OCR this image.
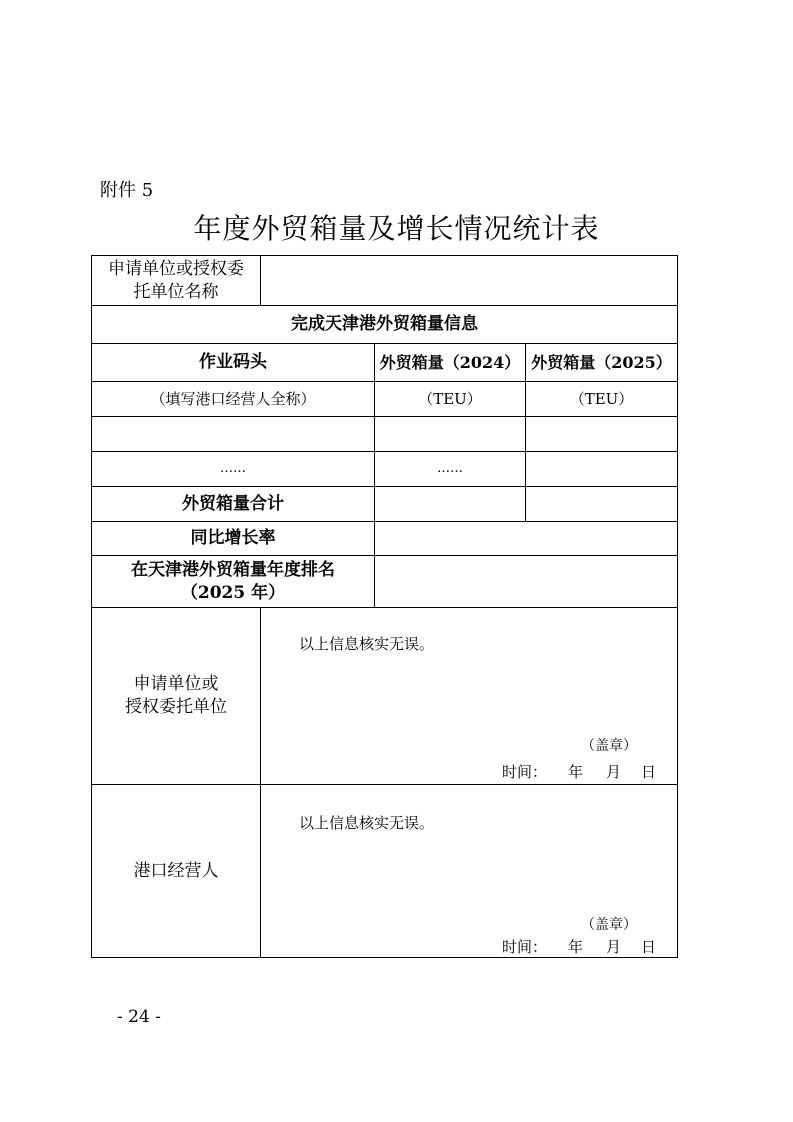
附件 5
年度外贸箱量及增长情况统计表
申请单位或授权委
托单位名称
完成天津港外贸箱量信息
作业码头	外贸箱量（2024） 外贸箱量（2025）
（填写港口经营人全称）	（TEU）	（TEU）
……	……
外贸箱量合计
同比增长率
在天津港外贸箱量年度排名
（2025 年）
申请单位或
授权委托单位
以上信息核实无误。
（盖章）
时间： 年 月 日
港口经营人
以上信息核实无误。
（盖章）
时间： 年 月 日
- 24 -
